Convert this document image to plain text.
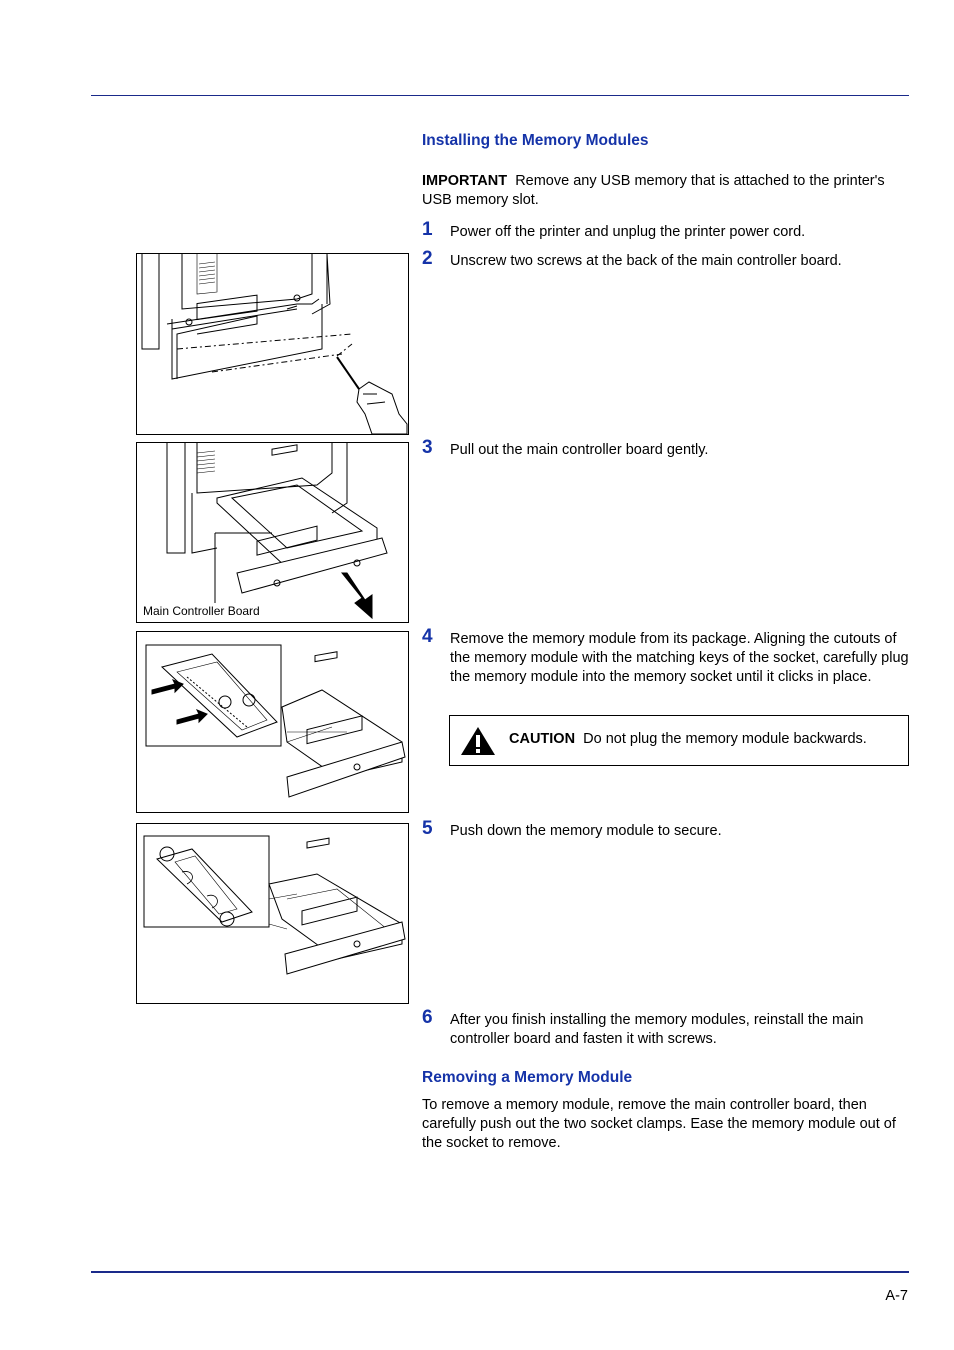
Installing the Memory Modules

IMPORTANT Remove any USB memory that is attached to the printer's USB memory slot.

1 Power off the printer and unplug the printer power cord.
2 Unscrew two screws at the back of the main controller board.
3 Pull out the main controller board gently.
4 Remove the memory module from its package. Aligning the cutouts of the memory module with the matching keys of the socket, carefully plug the memory module into the memory socket until it clicks in place.
CAUTION Do not plug the memory module backwards.
5 Push down the memory module to secure.
6 After you finish installing the memory modules, reinstall the main controller board and fasten it with screws.
Removing a Memory Module

To remove a memory module, remove the main controller board, then carefully push out the two socket clamps. Ease the memory module out of the socket to remove.

Main Controller Board
A-7
